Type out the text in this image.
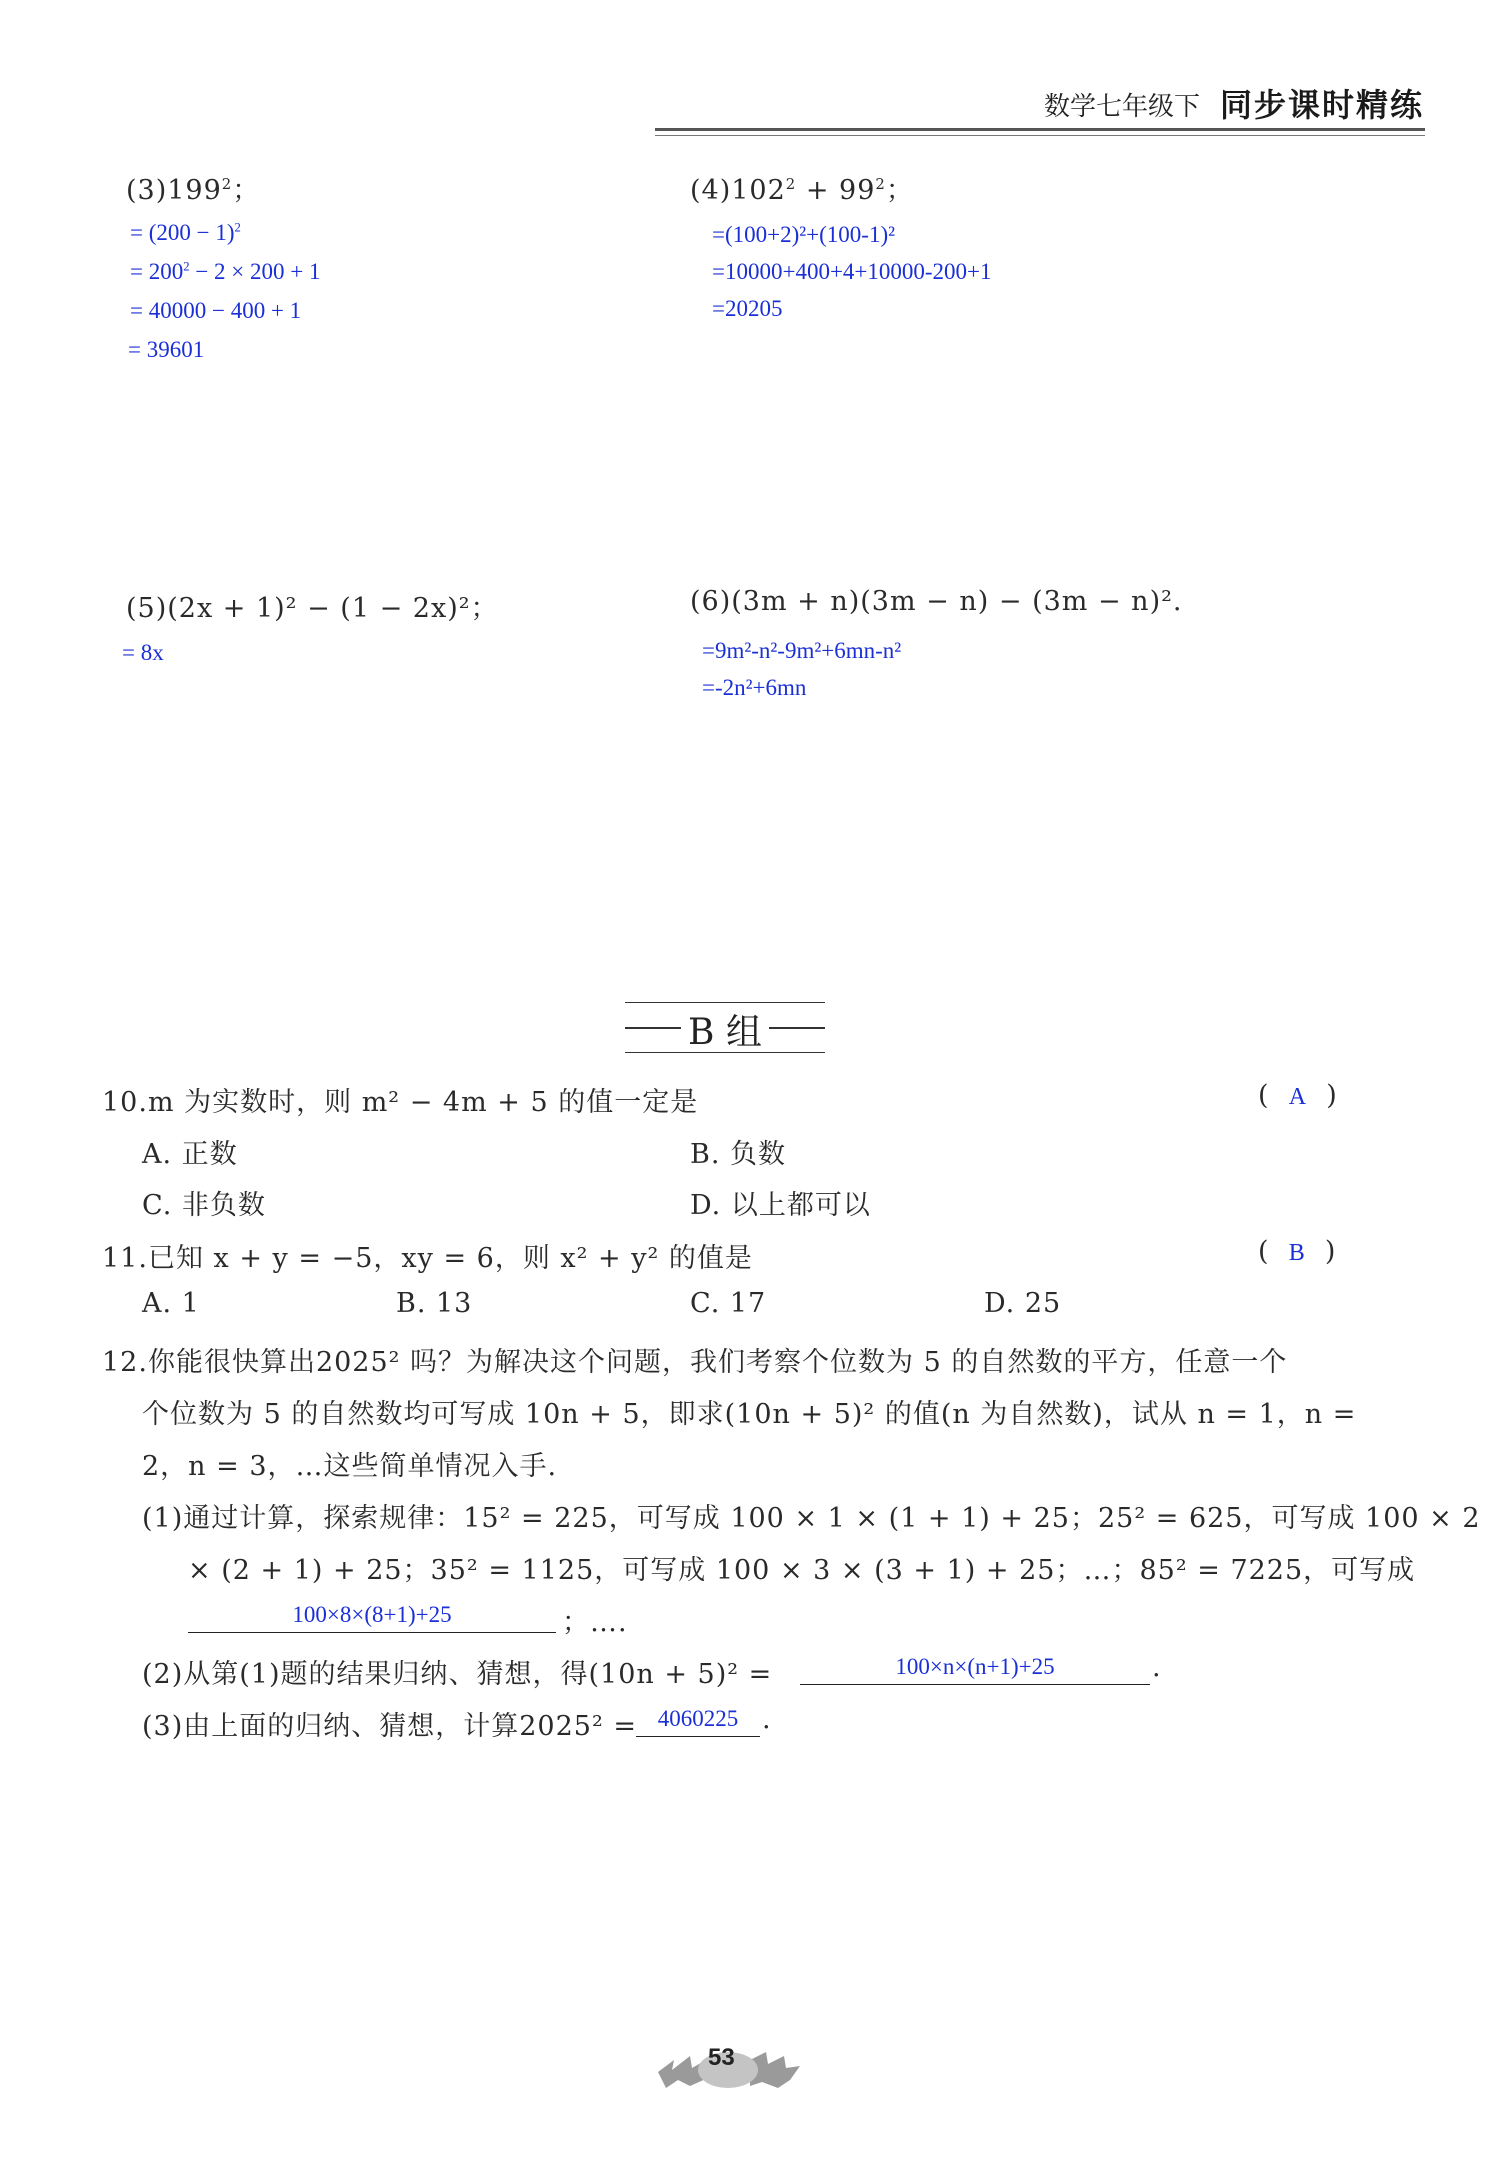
数学七年级下 同步课时精练
$(3)199^2$；
= $(200 - 1)^2$
= $200^2 - 2 \times 200 + 1$
= 40000 − 400 + 1
= 39601
$(4)102^2 + 99^2$；
=(100+2)²+(100-1)²
=10000+400+4+10000-200+1
=20205
(5)(2x + 1)² − (1 − 2x)²；
= 8x
(6)(3m + n)(3m − n) − (3m − n)².
=9m²-n²-9m²+6mn-n²
=-2n²+6mn
B 组
10.m 为实数时，则 m² − 4m + 5 的值一定是	(  A  )
A. 正数	B. 负数
C. 非负数	D. 以上都可以
11.已知 x + y = −5，xy = 6，则 x² + y² 的值是	(  B  )
A. 1	B. 13	C. 17	D. 25
12.你能很快算出2025² 吗？为解决这个问题，我们考察个位数为 5 的自然数的平方，任意一个
个位数为 5 的自然数均可写成 10n + 5，即求(10n + 5)² 的值(n 为自然数)，试从 n = 1，n =
2，n = 3，…这些简单情况入手.
(1)通过计算，探索规律：15² = 225，可写成 100 × 1 × (1 + 1) + 25；25² = 625，可写成 100 × 2
× (2 + 1) + 25；35² = 1125，可写成 100 × 3 × (3 + 1) + 25；…；85² = 7225，可写成
100×8×(8+1)+25	；….
(2)从第(1)题的结果归纳、猜想，得(10n + 5)² =	100×n×(n+1)+25	.
(3)由上面的归纳、猜想，计算2025² = 4060225 .
53
